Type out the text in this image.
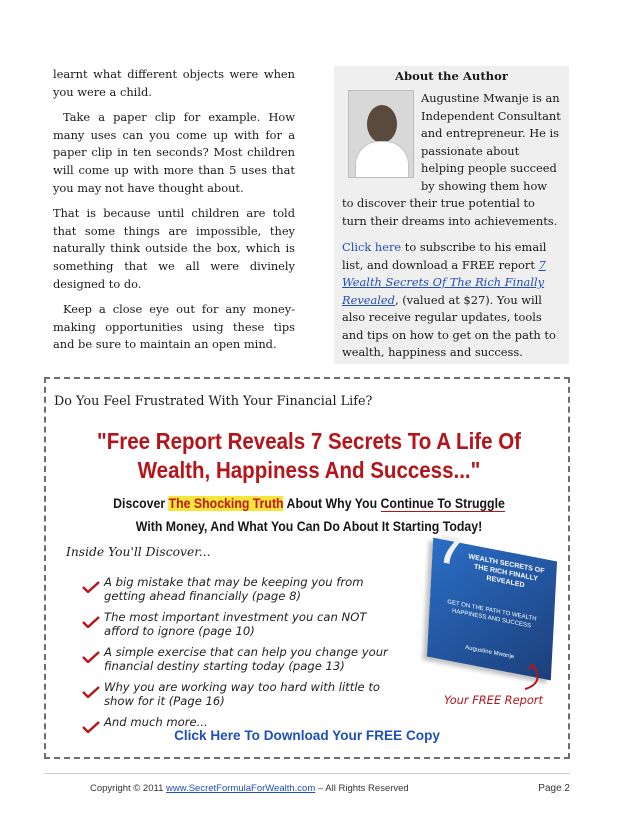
learnt what different objects were when you were a child.

Take a paper clip for example. How many uses can you come up with for a paper clip in ten seconds? Most children will come up with more than 5 uses that you may not have thought about.

That is because until children are told that some things are impossible, they naturally think outside the box, which is something that we all were divinely designed to do.

Keep a close eye out for any money-making opportunities using these tips and be sure to maintain an open mind.

About the Author

Augustine Mwanje is an Independent Consultant and entrepreneur. He is passionate about helping people succeed by showing them how to discover their true potential to turn their dreams into achievements.

Click here to subscribe to his email list, and download a FREE report 7 Wealth Secrets Of The Rich Finally Revealed, (valued at $27). You will also receive regular updates, tools and tips on how to get on the path to wealth, happiness and success.

Do You Feel Frustrated With Your Financial Life?
"Free Report Reveals 7 Secrets To A Life Of Wealth, Happiness And Success..."
Discover The Shocking Truth About Why You Continue To Struggle
With Money, And What You Can Do About It Starting Today!
Inside You'll Discover...
A big mistake that may be keeping you from getting ahead financially (page 8)
The most important investment you can NOT afford to ignore (page 10)
A simple exercise that can help you change your financial destiny starting today (page 13)
Why you are working way too hard with little to show for it (Page 16)
And much more...
7 WEALTH SECRETS OF THE RICH FINALLY REVEALED
GET ON THE PATH TO WEALTH HAPPINESS AND SUCCESS
Augustine Mwanje
Your FREE Report
Click Here To Download Your FREE Copy
Copyright © 2011 www.SecretFormulaForWealth.com – All Rights Reserved	Page 2
